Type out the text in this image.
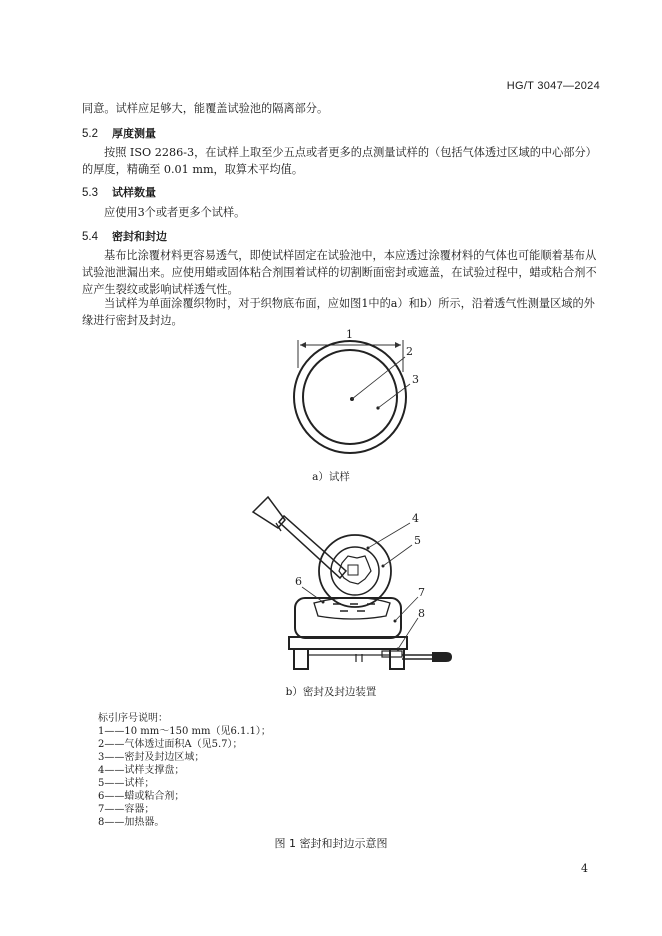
HG/T 3047—2024
同意。试样应足够大，能覆盖试验池的隔离部分。
5.2 厚度测量
按照 ISO 2286-3，在试样上取至少五点或者更多的点测量试样的（包括气体透过区域的中心部分）的厚度，精确至 0.01 mm，取算术平均值。
5.3 试样数量
应使用3个或者更多个试样。
5.4 密封和封边
基布比涂覆材料更容易透气，即使试样固定在试验池中，本应透过涂覆材料的气体也可能顺着基布从试验池泄漏出来。应使用蜡或固体粘合剂围着试样的切割断面密封或遮盖，在试验过程中，蜡或粘合剂不应产生裂纹或影响试样透气性。
当试样为单面涂覆织物时，对于织物底布面，应如图1中的a）和b）所示，沿着透气性测量区域的外缘进行密封及封边。
1
2
3
4
5
6
7
8
a）试样
b）密封及封边装置
标引序号说明：
1——10 mm～150 mm（见6.1.1）；
2——气体透过面积A（见5.7）；
3——密封及封边区域；
4——试样支撑盘；
5——试样；
6——蜡或粘合剂；
7——容器；
8——加热器。
图 1 密封和封边示意图
4
